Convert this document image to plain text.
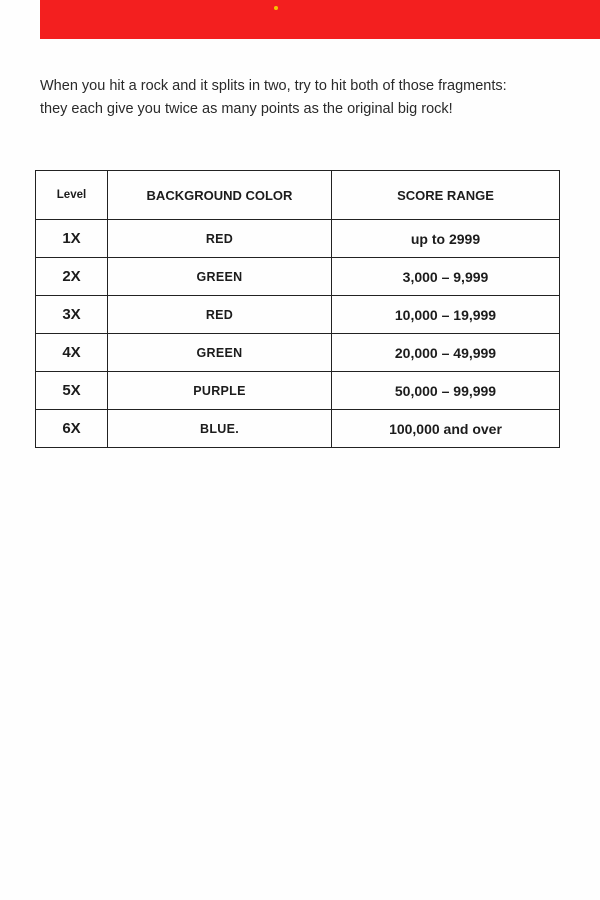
When you hit a rock and it splits in two, try to hit both of those fragments:
they each give you twice as many points as the original big rock!

Level	BACKGROUND COLOR	SCORE RANGE
1X	RED	up to 2999
2X	GREEN	3,000 – 9,999
3X	RED	10,000 – 19,999
4X	GREEN	20,000 – 49,999
5X	PURPLE	50,000 – 99,999
6X	BLUE.	100,000 and over
